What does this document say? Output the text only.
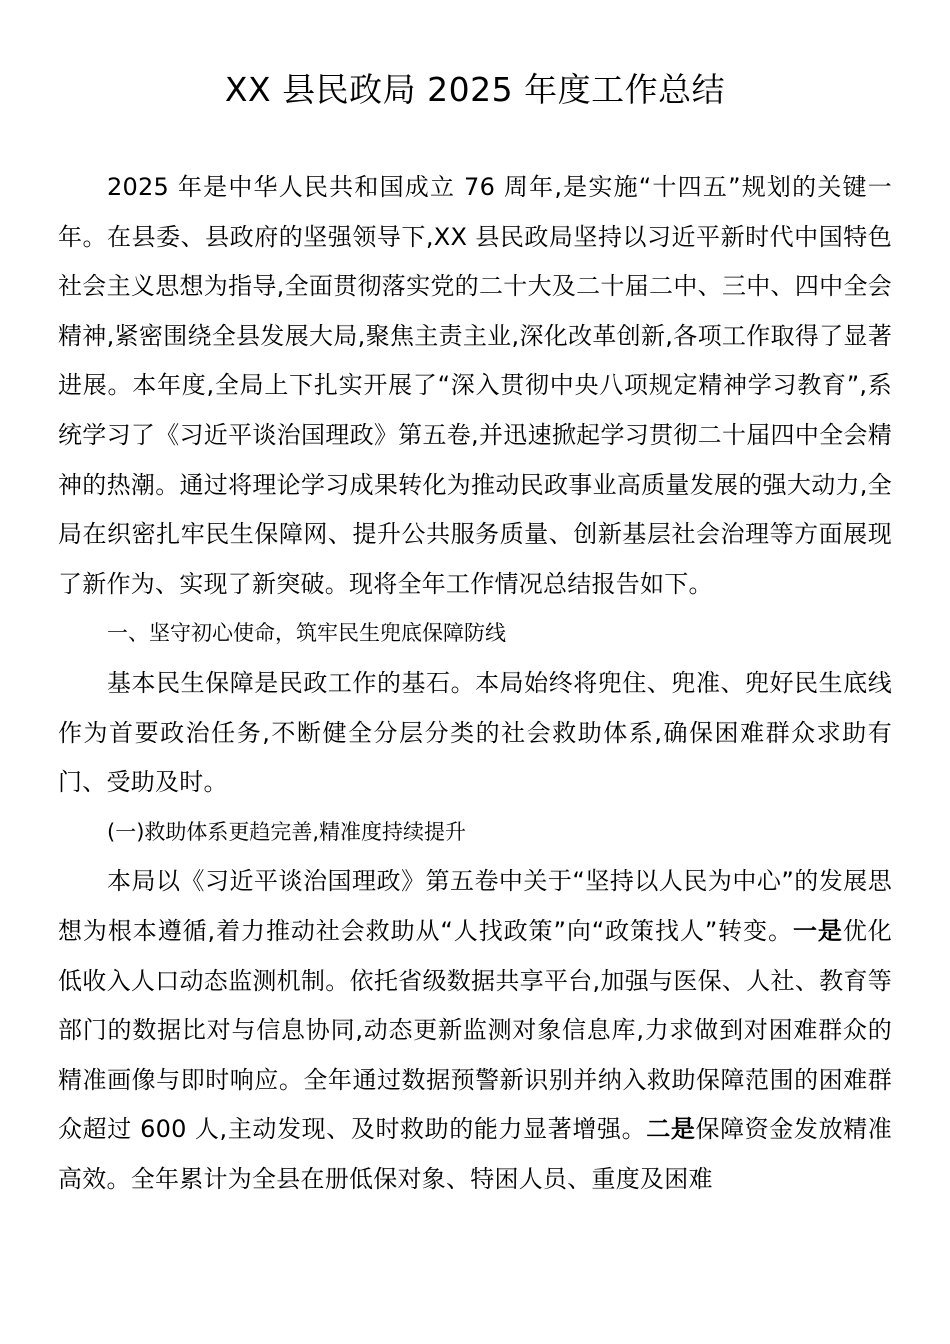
XX 县民政局 2025 年度工作总结

2025 年是中华人民共和国成立 76 周年,是实施“十四五”规划的关键一年。在县委、县政府的坚强领导下,XX 县民政局坚持以习近平新时代中国特色社会主义思想为指导,全面贯彻落实党的二十大及二十届二中、三中、四中全会精神,紧密围绕全县发展大局,聚焦主责主业,深化改革创新,各项工作取得了显著进展。本年度,全局上下扎实开展了“深入贯彻中央八项规定精神学习教育”,系统学习了《习近平谈治国理政》第五卷,并迅速掀起学习贯彻二十届四中全会精神的热潮。通过将理论学习成果转化为推动民政事业高质量发展的强大动力,全局在织密扎牢民生保障网、提升公共服务质量、创新基层社会治理等方面展现了新作为、实现了新突破。现将全年工作情况总结报告如下。

一、坚守初心使命，筑牢民生兜底保障防线

基本民生保障是民政工作的基石。本局始终将兜住、兜准、兜好民生底线作为首要政治任务,不断健全分层分类的社会救助体系,确保困难群众求助有门、受助及时。

(一)救助体系更趋完善,精准度持续提升

本局以《习近平谈治国理政》第五卷中关于“坚持以人民为中心”的发展思想为根本遵循,着力推动社会救助从“人找政策”向“政策找人”转变。一是优化低收入人口动态监测机制。依托省级数据共享平台,加强与医保、人社、教育等部门的数据比对与信息协同,动态更新监测对象信息库,力求做到对困难群众的精准画像与即时响应。全年通过数据预警新识别并纳入救助保障范围的困难群众超过 600 人,主动发现、及时救助的能力显著增强。二是保障资金发放精准高效。全年累计为全县在册低保对象、特困人员、重度及困难
